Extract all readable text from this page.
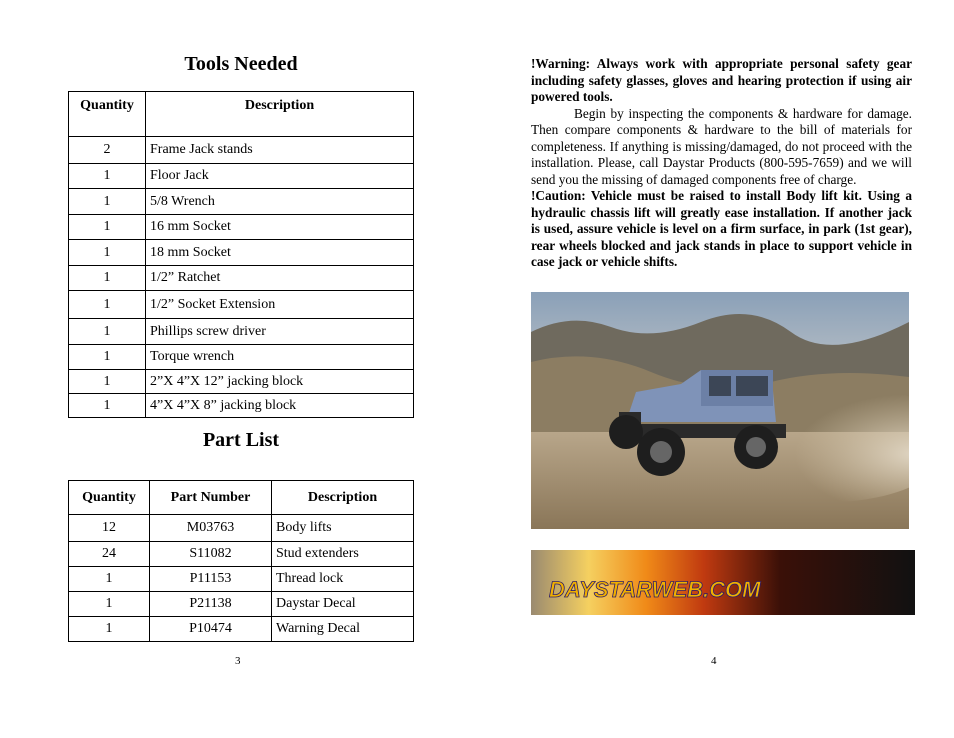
Tools Needed
Quantity	Description
2	Frame Jack stands
1	Floor Jack
1	5/8 Wrench
1	16 mm Socket
1	18 mm Socket
1	1/2” Ratchet
1	1/2” Socket Extension
1	Phillips screw driver
1	Torque wrench
1	2”X 4”X 12” jacking block
1	4”X 4”X 8” jacking block
Part List
Quantity	Part Number	Description
12	M03763	Body lifts
24	S11082	Stud extenders
1	P11153	Thread lock
1	P21138	Daystar Decal
1	P10474	Warning Decal
3

!Warning: Always work with appropriate personal safety gear including safety glasses, gloves and hearing protection if using air powered tools.

Begin by inspecting the components & hardware for damage. Then compare components & hardware to the bill of materials for completeness. If anything is missing/damaged, do not proceed with the installation. Please, call Daystar Products (800-595-7659) and we will send you the missing of damaged components free of charge.

!Caution: Vehicle must be raised to install Body lift kit. Using a hydraulic chassis lift will greatly ease installation. If another jack is used, assure vehicle is level on a firm surface, in park (1st gear), rear wheels blocked and jack stands in place to support vehicle in case jack or vehicle shifts.

DAYSTARWEB.COM
4
